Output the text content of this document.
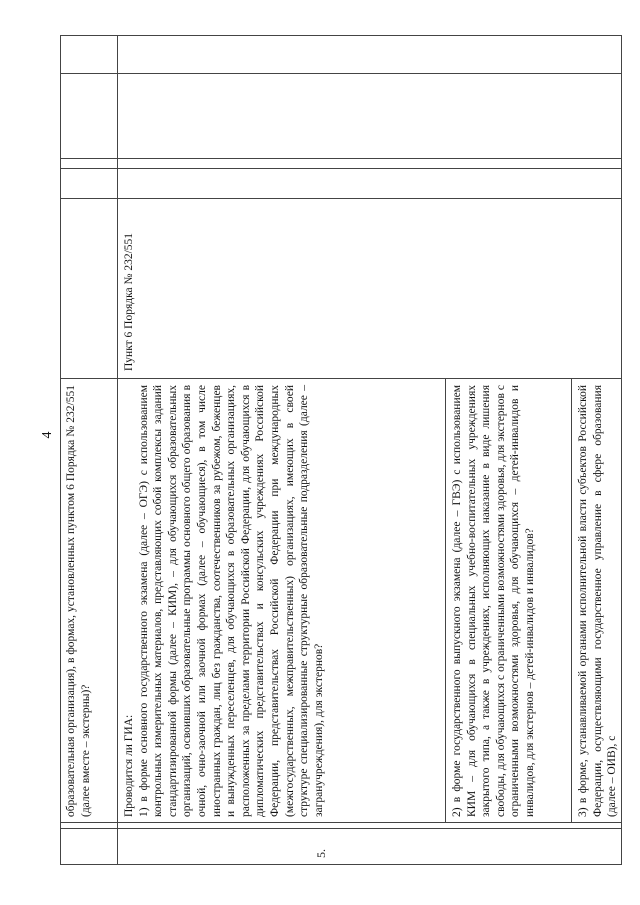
4 образовательная организация), в формах, установленных пунктом 6 Порядка № 232/551 (далее вместе – экстерны)?
5.

Проводится ли ГИА: 1) в форме основного государственного экзамена (далее – ОГЭ) с использованием контрольных измерительных материалов, представляющих собой комплексы заданий стандартизированной формы (далее – КИМ), – для обучающихся образовательных организаций, освоивших образовательные программы основного общего образования в очной, очно-заочной или заочной формах (далее – обучающиеся), в том числе иностранных граждан, лиц без гражданства, соотечественников за рубежом, беженцев и вынужденных переселенцев, для обучающихся в образовательных организациях, расположенных за пределами территории Российской Федерации, для обучающихся в дипломатических представительствах и консульских учреждениях Российской Федерации, представительствах Российской Федерации при международных (межгосударственных, межправительственных) организациях, имеющих в своей структуре специализированные структурные образовательные подразделения (далее – загранучреждения), для экстернов?	2) в форме государственного выпускного экзамена (далее – ГВЭ) с использованием КИМ – для обучающихся в специальных учебно-воспитательных учреждениях закрытого типа, а также в учреждениях, исполняющих наказание в виде лишения свободы, для обучающихся с ограниченными возможностями здоровья, для экстернов с ограниченными возможностями здоровья, для обучающихся – детей-инвалидов и инвалидов, для экстернов – детей-инвалидов и инвалидов?	3) в форме, устанавливаемой органами исполнительной власти субъектов Российской Федерации, осуществляющими государственное управление в сфере образования (далее – ОИВ), с
Пункт 6 Порядка № 232/551
